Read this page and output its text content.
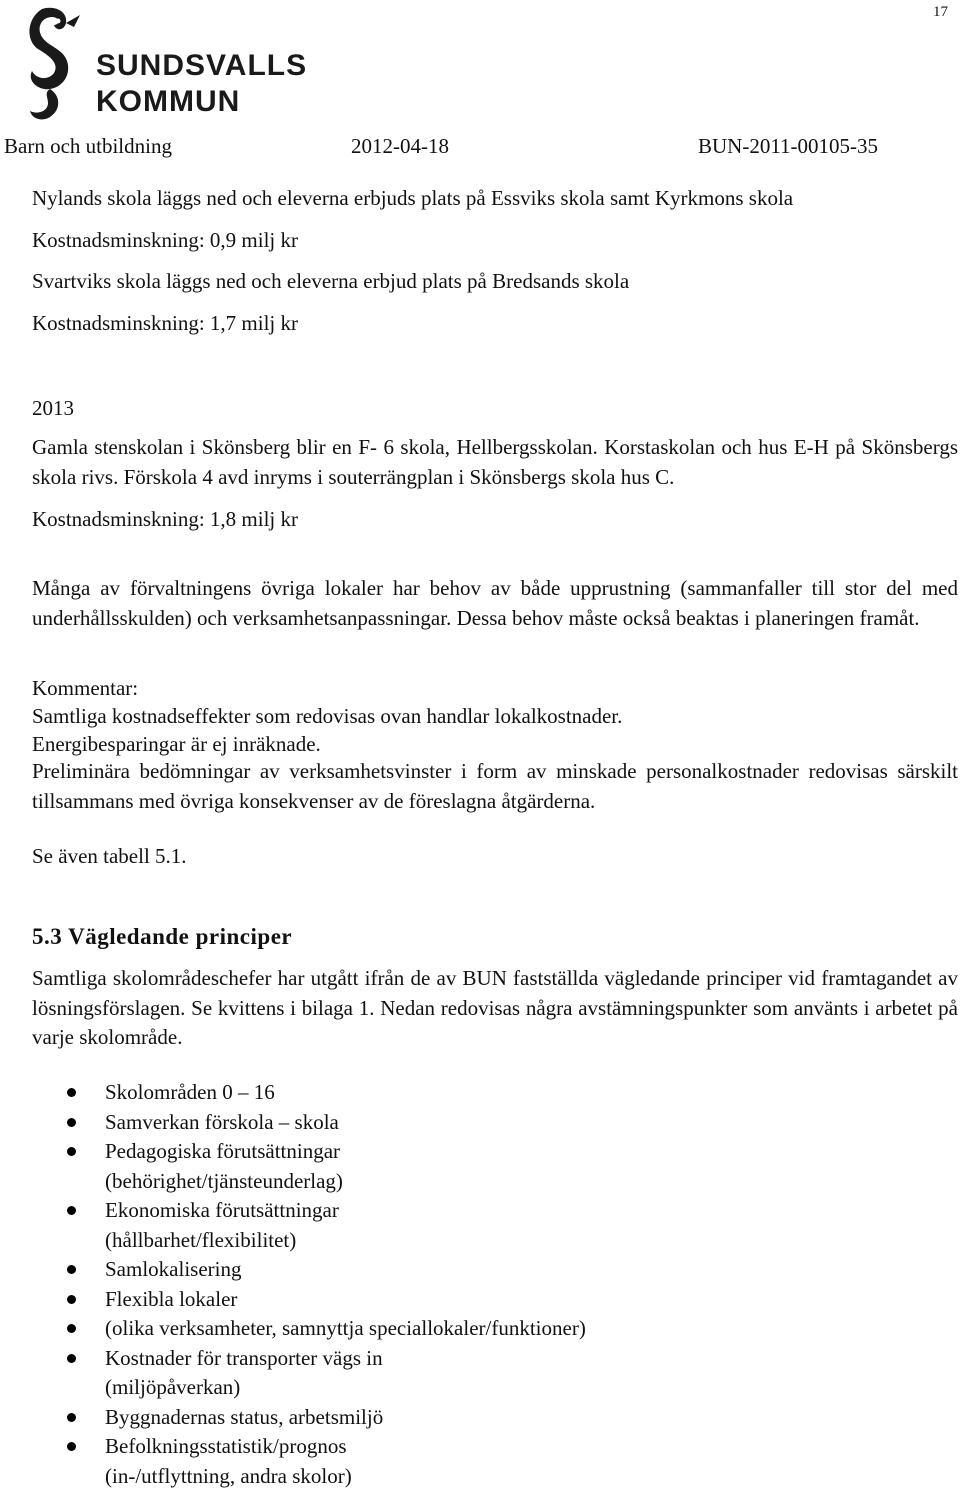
17
SUNDSVALLS
KOMMUN
Barn och utbildning	2012-04-18	BUN-2011-00105-35
Nylands skola läggs ned och eleverna erbjuds plats på Essviks skola samt Kyrkmons skola
Kostnadsminskning: 0,9 milj kr
Svartviks skola läggs ned och eleverna erbjud plats på Bredsands skola
Kostnadsminskning: 1,7 milj kr
2013

Gamla stenskolan i Skönsberg blir en F- 6 skola, Hellbergsskolan. Korstaskolan och hus E-H på Skönsbergs skola rivs. Förskola 4 avd inryms i souterrängplan i Skönsbergs skola hus C.

Kostnadsminskning: 1,8 milj kr

Många av förvaltningens övriga lokaler har behov av både upprustning (sammanfaller till stor del med underhållsskulden) och verksamhetsanpassningar. Dessa behov måste också beaktas i planeringen framåt.

Kommentar:
Samtliga kostnadseffekter som redovisas ovan handlar lokalkostnader.
Energibesparingar är ej inräknade.

Preliminära bedömningar av verksamhetsvinster i form av minskade personalkostnader redovisas särskilt tillsammans med övriga konsekvenser av de föreslagna åtgärderna.

Se även tabell 5.1.
5.3 Vägledande principer

Samtliga skolområdeschefer har utgått ifrån de av BUN fastställda vägledande principer vid framtagandet av lösningsförslagen. Se kvittens i bilaga 1. Nedan redovisas några avstämningspunkter som använts i arbetet på varje skolområde.

Skolområden 0 – 16
Samverkan förskola – skola
Pedagogiska förutsättningar
(behörighet/tjänsteunderlag)
Ekonomiska förutsättningar
(hållbarhet/flexibilitet)
Samlokalisering
Flexibla lokaler
(olika verksamheter, samnyttja speciallokaler/funktioner)
Kostnader för transporter vägs in
(miljöpåverkan)
Byggnadernas status, arbetsmiljö
Befolkningsstatistik/prognos
(in-/utflyttning, andra skolor)
